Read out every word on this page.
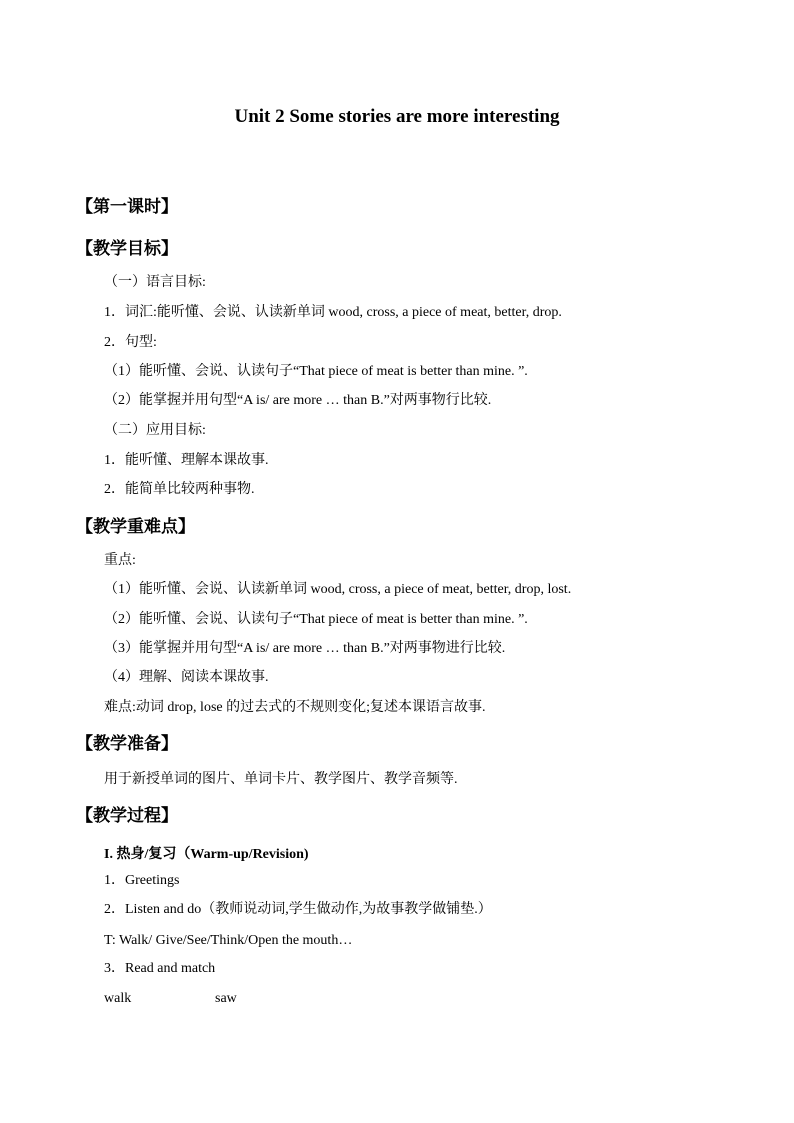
Unit 2 Some stories are more interesting
【第一课时】
【教学目标】
（一）语言目标:
1．词汇:能听懂、会说、认读新单词 wood, cross, a piece of meat, better, drop.
2．句型:
（1）能听懂、会说、认读句子“That piece of meat is better than mine. ”.
（2）能掌握并用句型“A is/ are more … than B.”对两事物行比较.
（二）应用目标:
1．能听懂、理解本课故事.
2．能简单比较两种事物.
【教学重难点】
重点:
（1）能听懂、会说、认读新单词 wood, cross, a piece of meat, better, drop, lost.
（2）能听懂、会说、认读句子“That piece of meat is better than mine. ”.
（3）能掌握并用句型“A is/ are more … than B.”对两事物进行比较.
（4）理解、阅读本课故事.
难点:动词 drop, lose 的过去式的不规则变化;复述本课语言故事.
【教学准备】
用于新授单词的图片、单词卡片、教学图片、教学音频等.
【教学过程】
I. 热身/复习（Warm-up/Revision)
1．Greetings
2．Listen and do（教师说动词,学生做动作,为故事教学做铺垫.）
T: Walk/ Give/See/Think/Open the mouth…
3．Read and match
walk	saw
